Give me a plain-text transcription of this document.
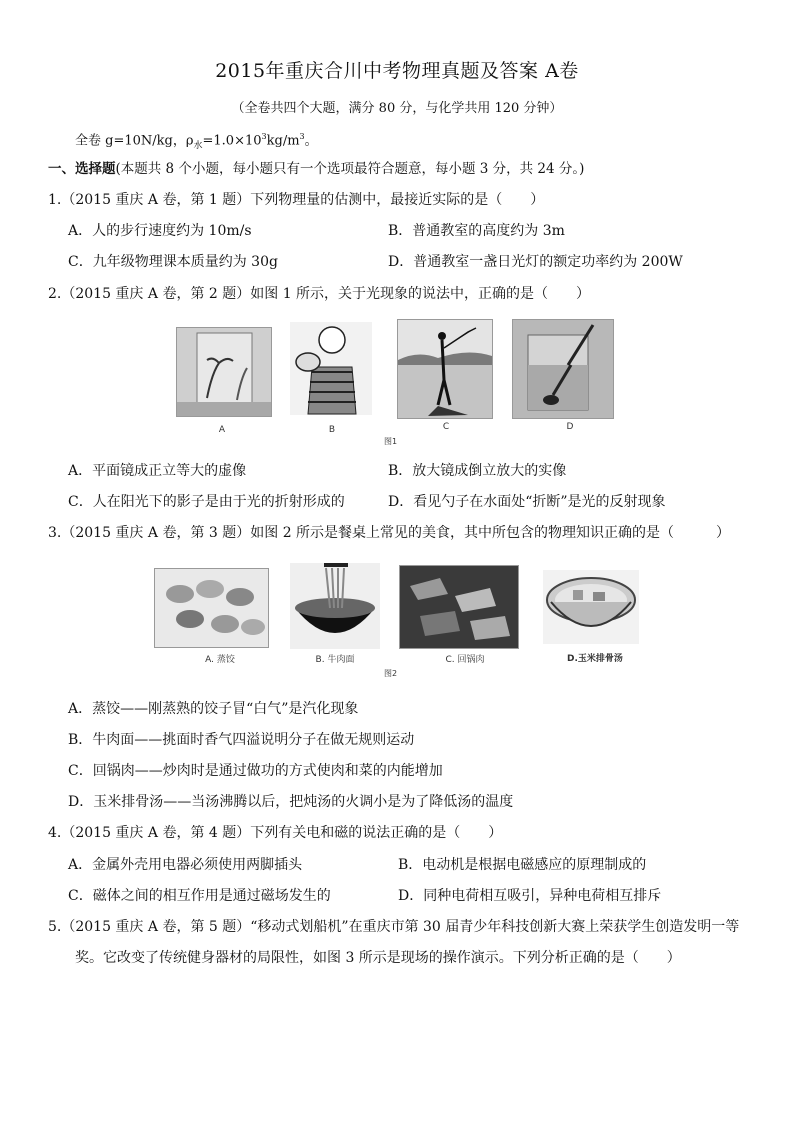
2015年重庆合川中考物理真题及答案 A卷
（全卷共四个大题，满分 80 分，与化学共用 120 分钟）
全卷 g=10N/kg，$\rho_水=1.0\times 10^3kg/m^3$。
一、选择题(本题共 8 个小题，每小题只有一个选项最符合题意，每小题 3 分，共 24 分。)
1.（2015 重庆 A 卷，第 1 题）下列物理量的估测中，最接近实际的是（　　）
A．人的步行速度约为 10m/s	B．普通教室的高度约为 3m
C．九年级物理课本质量约为 30g	D．普通教室一盏日光灯的额定功率约为 200W
2.（2015 重庆 A 卷，第 2 题）如图 1 所示，关于光现象的说法中，正确的是（　　）
A	B	C	D
图1
A．平面镜成正立等大的虚像	B．放大镜成倒立放大的实像
C．人在阳光下的影子是由于光的折射形成的	D．看见勺子在水面处“折断”是光的反射现象
3.（2015 重庆 A 卷，第 3 题）如图 2 所示是餐桌上常见的美食，其中所包含的物理知识正确的是（　　　）
A. 蒸饺	B. 牛肉面	C. 回锅肉	D.玉米排骨汤
图2
A．蒸饺——刚蒸熟的饺子冒“白气”是汽化现象
B．牛肉面——挑面时香气四溢说明分子在做无规则运动
C．回锅肉——炒肉时是通过做功的方式使肉和菜的内能增加
D．玉米排骨汤——当汤沸腾以后，把炖汤的火调小是为了降低汤的温度
4.（2015 重庆 A 卷，第 4 题）下列有关电和磁的说法正确的是（　　）
A．金属外壳用电器必须使用两脚插头	B．电动机是根据电磁感应的原理制成的
C．磁体之间的相互作用是通过磁场发生的	D．同种电荷相互吸引，异种电荷相互排斥
5.（2015 重庆 A 卷，第 5 题）“移动式划船机”在重庆市第 30 届青少年科技创新大赛上荣获学生创造发明一等
奖。它改变了传统健身器材的局限性，如图 3 所示是现场的操作演示。下列分析正确的是（　　）
